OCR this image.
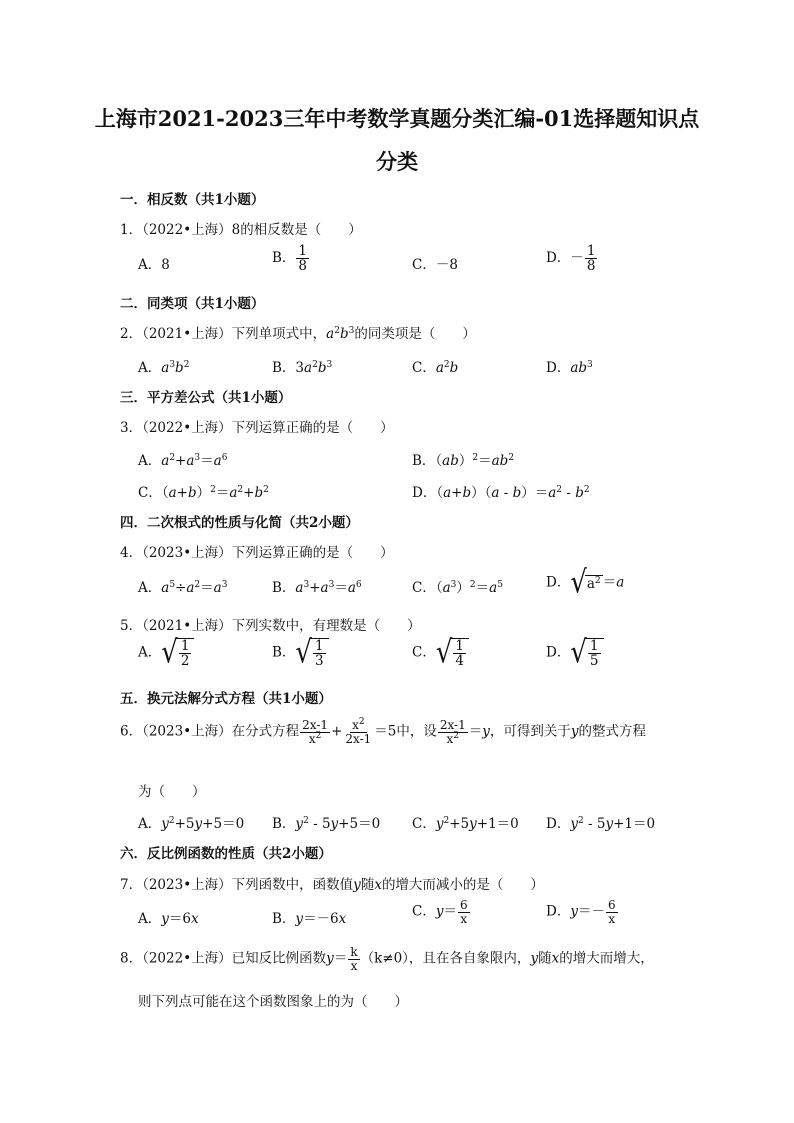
上海市2021-2023三年中考数学真题分类汇编-01选择题知识点
分类
一．相反数（共1小题）
1．（2022•上海）8的相反数是（　　）
A．8	B． $\frac{1}{8}$	C．－8	D．－ $\frac{1}{8}$
二．同类项（共1小题）
2．（2021•上海）下列单项式中，$a^2b^3$的同类项是（　　）
A．$a^3b^2$	B．$3a^2b^3$	C．$a^2b$	D．$ab^3$
三．平方差公式（共1小题）
3．（2022•上海）下列运算正确的是（　　）
A．$a^2+a^3=a^6$	B．$(ab)^2=ab^2$
C．$(a+b)^2=a^2+b^2$	D．$(a+b)(a - b)=a^2 - b^2$
四．二次根式的性质与化简（共2小题）
4．（2023•上海）下列运算正确的是（　　）
A．$a^5\div a^2=a^3$	B．$a^3+a^3=a^6$	C．$(a^3)^2=a^5$	D． √ $a^2 =a$
5．（2021•上海）下列实数中，有理数是（　　）
A． √ $\frac{1}{2}$	B． √ $\frac{1}{3}$	C． √ $\frac{1}{4}$	D． √ $\frac{1}{5}$
五．换元法解分式方程（共1小题）
6．（2023•上海）在分式方程 $\frac{2x-1}{x^2} + \frac{x^2}{2x-1} =5$中，设 $\frac{2x-1}{x^2} =y$，可得到关于y的整式方程
为（　　）
A．$y^2+5y+5=0$ B．$y^2 - 5y+5=0$ C．$y^2+5y+1=0$ D．$y^2 - 5y+1=0$
六．反比例函数的性质（共2小题）
7．（2023•上海）下列函数中，函数值y随x的增大而减小的是（　　）
A．y＝6x	B．y＝－6x	C．$y= \frac{6}{x}$	D．$y=- \frac{6}{x}$
8．（2022•上海）已知反比例函数$y= \frac{k}{x} (k\ne 0)$，且在各自象限内，y随x的增大而增大，
则下列点可能在这个函数图象上的为（　　）
